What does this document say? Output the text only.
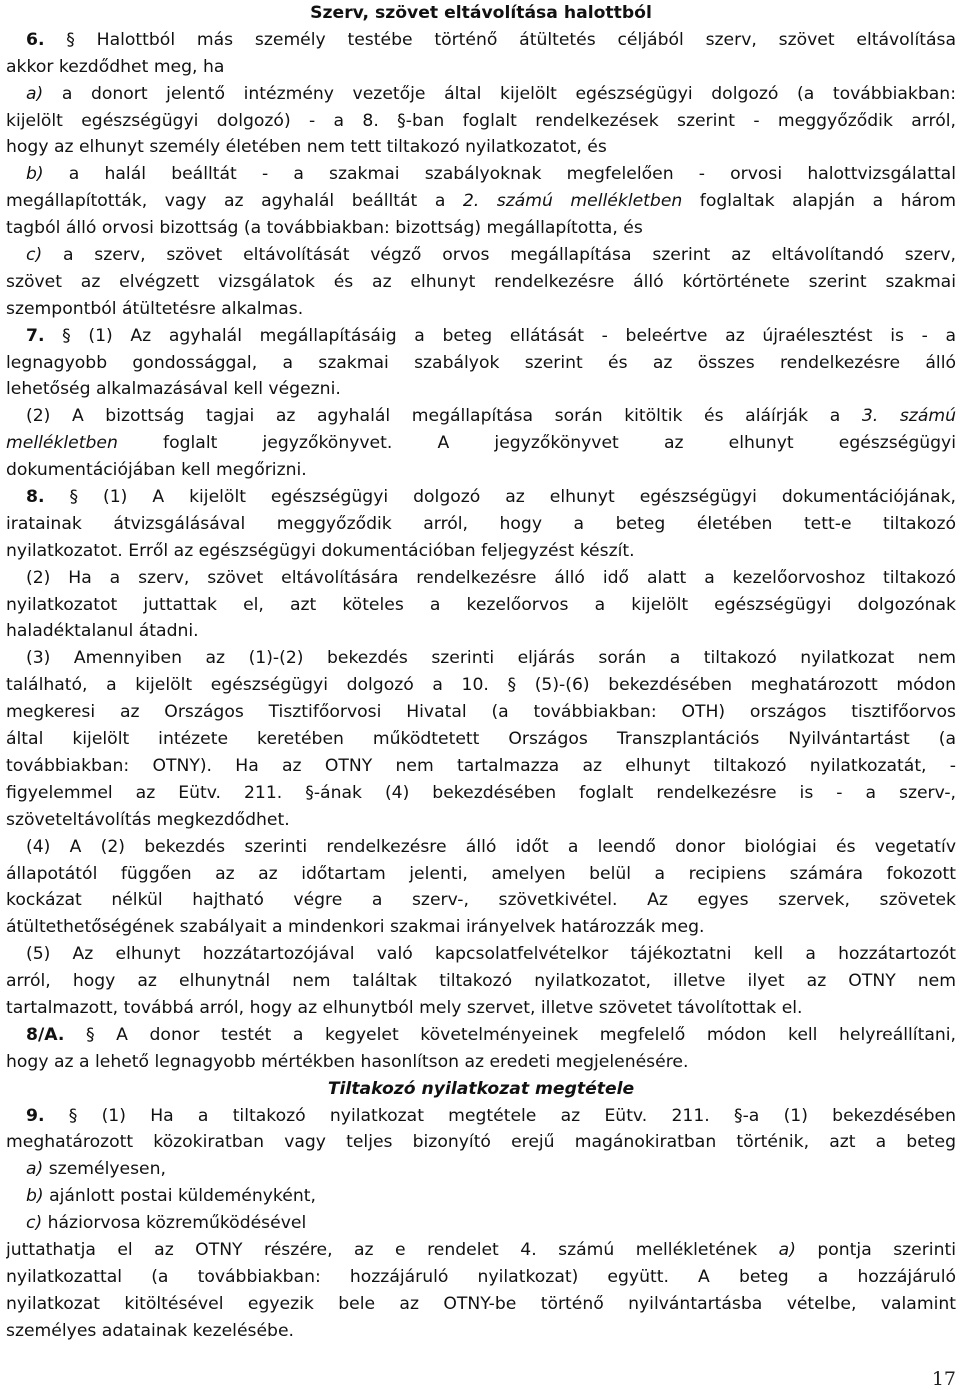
Szerv, szövet eltávolítása halottból
6. § Halottból más személy testébe történő átültetés céljából szerv, szövet eltávolítása
akkor kezdődhet meg, ha
a) a donort jelentő intézmény vezetője által kijelölt egészségügyi dolgozó (a továbbiakban:
kijelölt egészségügyi dolgozó) - a 8. §-ban foglalt rendelkezések szerint - meggyőződik arról,
hogy az elhunyt személy életében nem tett tiltakozó nyilatkozatot, és
b) a halál beálltát - a szakmai szabályoknak megfelelően - orvosi halottvizsgálattal
megállapították, vagy az agyhalál beálltát a 2. számú mellékletben foglaltak alapján a három
tagból álló orvosi bizottság (a továbbiakban: bizottság) megállapította, és
c) a szerv, szövet eltávolítását végző orvos megállapítása szerint az eltávolítandó szerv,
szövet az elvégzett vizsgálatok és az elhunyt rendelkezésre álló kórtörténete szerint szakmai
szempontból átültetésre alkalmas.
7. § (1) Az agyhalál megállapításáig a beteg ellátását - beleértve az újraélesztést is - a
legnagyobb gondossággal, a szakmai szabályok szerint és az összes rendelkezésre álló
lehetőség alkalmazásával kell végezni.
(2) A bizottság tagjai az agyhalál megállapítása során kitöltik és aláírják a 3. számú
mellékletben foglalt jegyzőkönyvet. A jegyzőkönyvet az elhunyt egészségügyi
dokumentációjában kell megőrizni.
8. § (1) A kijelölt egészségügyi dolgozó az elhunyt egészségügyi dokumentációjának,
iratainak átvizsgálásával meggyőződik arról, hogy a beteg életében tett-e tiltakozó
nyilatkozatot. Erről az egészségügyi dokumentációban feljegyzést készít.
(2) Ha a szerv, szövet eltávolítására rendelkezésre álló idő alatt a kezelőorvoshoz tiltakozó
nyilatkozatot juttattak el, azt köteles a kezelőorvos a kijelölt egészségügyi dolgozónak
haladéktalanul átadni.
(3) Amennyiben az (1)-(2) bekezdés szerinti eljárás során a tiltakozó nyilatkozat nem
található, a kijelölt egészségügyi dolgozó a 10. § (5)-(6) bekezdésében meghatározott módon
megkeresi az Országos Tisztifőorvosi Hivatal (a továbbiakban: OTH) országos tisztifőorvos
által kijelölt intézete keretében működtetett Országos Transzplantációs Nyilvántartást (a
továbbiakban: OTNY). Ha az OTNY nem tartalmazza az elhunyt tiltakozó nyilatkozatát, -
figyelemmel az Eütv. 211. §-ának (4) bekezdésében foglalt rendelkezésre is - a szerv-,
szöveteltávolítás megkezdődhet.
(4) A (2) bekezdés szerinti rendelkezésre álló időt a leendő donor biológiai és vegetatív
állapotától függően az az időtartam jelenti, amelyen belül a recipiens számára fokozott
kockázat nélkül hajtható végre a szerv-, szövetkivétel. Az egyes szervek, szövetek
átültethetőségének szabályait a mindenkori szakmai irányelvek határozzák meg.
(5) Az elhunyt hozzátartozójával való kapcsolatfelvételkor tájékoztatni kell a hozzátartozót
arról, hogy az elhunytnál nem találtak tiltakozó nyilatkozatot, illetve ilyet az OTNY nem
tartalmazott, továbbá arról, hogy az elhunytból mely szervet, illetve szövetet távolítottak el.
8/A. § A donor testét a kegyelet követelményeinek megfelelő módon kell helyreállítani,
hogy az a lehető legnagyobb mértékben hasonlítson az eredeti megjelenésére.
Tiltakozó nyilatkozat megtétele
9. § (1) Ha a tiltakozó nyilatkozat megtétele az Eütv. 211. §-a (1) bekezdésében
meghatározott közokiratban vagy teljes bizonyító erejű magánokiratban történik, azt a beteg
a) személyesen,
b) ajánlott postai küldeményként,
c) háziorvosa közreműködésével
juttathatja el az OTNY részére, az e rendelet 4. számú mellékletének a) pontja szerinti
nyilatkozattal (a továbbiakban: hozzájáruló nyilatkozat) együtt. A beteg a hozzájáruló
nyilatkozat kitöltésével egyezik bele az OTNY-be történő nyilvántartásba vételbe, valamint
személyes adatainak kezelésébe.
17
